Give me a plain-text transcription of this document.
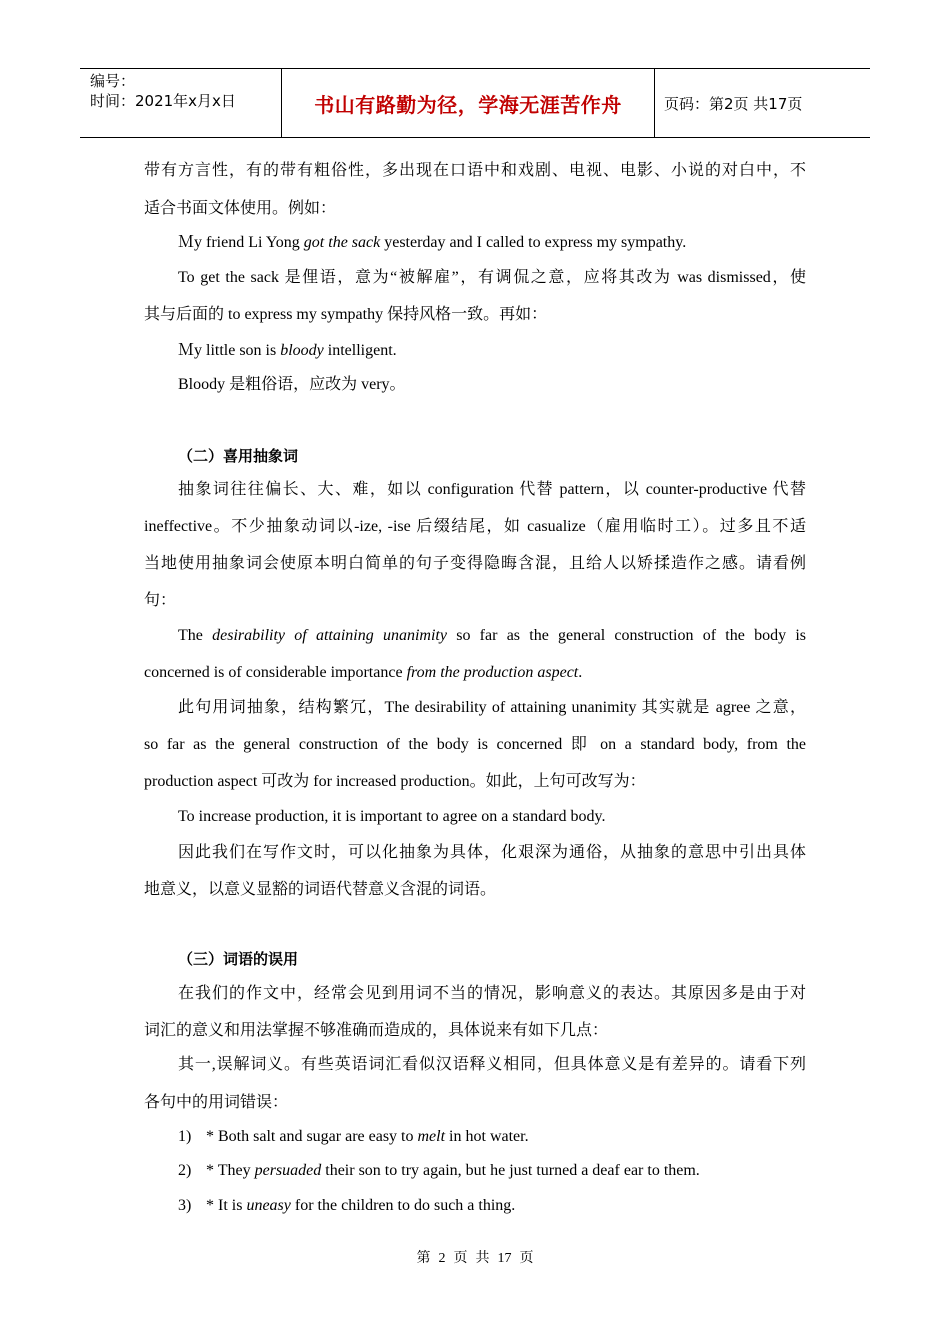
编号：
时间：2021年x月x日	书山有路勤为径，学海无涯苦作舟	页码：第2页 共17页
带有方言性，有的带有粗俗性，多出现在口语中和戏剧、电视、电影、小说的对白中，不
适合书面文体使用。例如：
Ｍy friend Li Yong got the sack yesterday and I called to express my sympathy.
To get the sack 是俚语，意为“被解雇”，有调侃之意，应将其改为 was dismissed，使
其与后面的 to express my sympathy 保持风格一致。再如：
Ｍy little son is bloody intelligent.
Bloody 是粗俗语，应改为 very。
（二）喜用抽象词
抽象词往往偏长、大、难，如以 configuration 代替 pattern，以 counter-productive 代替
ineffective。不少抽象动词以-ize, -ise 后缀结尾，如 casualize（雇用临时工）。过多且不适
当地使用抽象词会使原本明白简单的句子变得隐晦含混，且给人以矫揉造作之感。请看例
句：
The desirability of attaining unanimity so far as the general construction of the body is
concerned is of considerable importance from the production aspect.
此句用词抽象，结构繁冗，The desirability of attaining unanimity 其实就是 agree 之意，
so far as the general construction of the body is concerned 即 on a standard body, from the
production aspect 可改为 for increased production。如此，上句可改写为：
To increase production, it is important to agree on a standard body.
因此我们在写作文时，可以化抽象为具体，化艰深为通俗，从抽象的意思中引出具体
地意义，以意义显豁的词语代替意义含混的词语。
（三）词语的误用
在我们的作文中，经常会见到用词不当的情况，影响意义的表达。其原因多是由于对
词汇的意义和用法掌握不够准确而造成的，具体说来有如下几点：
其一,误解词义。有些英语词汇看似汉语释义相同，但具体意义是有差异的。请看下列
各句中的用词错误：
1) * Both salt and sugar are easy to melt in hot water.
2) * They persuaded their son to try again, but he just turned a deaf ear to them.
3) * It is uneasy for the children to do such a thing.
第 2 页 共 17 页
